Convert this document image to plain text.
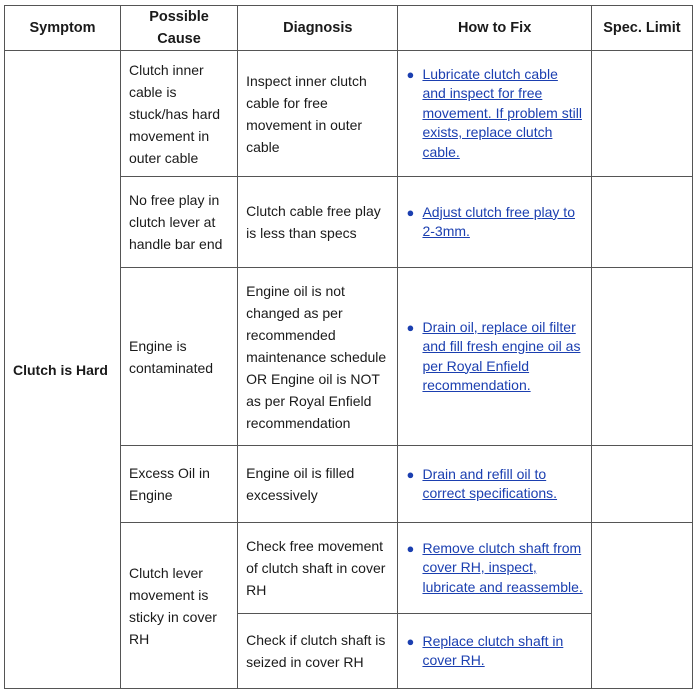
Symptom	Possible Cause	Diagnosis	How to Fix	Spec. Limit
Clutch is Hard	Clutch inner cable is stuck/has hard movement in outer cable	Inspect inner clutch cable for free movement in outer cable	● Lubricate clutch cable and inspect for free movement. If problem still exists, replace clutch cable.	

	No free play in clutch lever at handle bar end	Clutch cable free play is less than specs	● Adjust clutch free play to 2-3mm.	

	Engine is contaminated	Engine oil is not changed as per recommended maintenance schedule OR Engine oil is NOT as per Royal Enfield recommendation	● Drain oil, replace oil filter and fill fresh engine oil as per Royal Enfield recommendation.	

	Excess Oil in Engine	Engine oil is filled excessively	● Drain and refill oil to correct specifications.	

	Clutch lever movement is sticky in cover RH	Check free movement of clutch shaft in cover RH	● Remove clutch shaft from cover RH, inspect, lubricate and reassemble.	

		Check if clutch shaft is seized in cover RH	● Replace clutch shaft in cover RH.	
